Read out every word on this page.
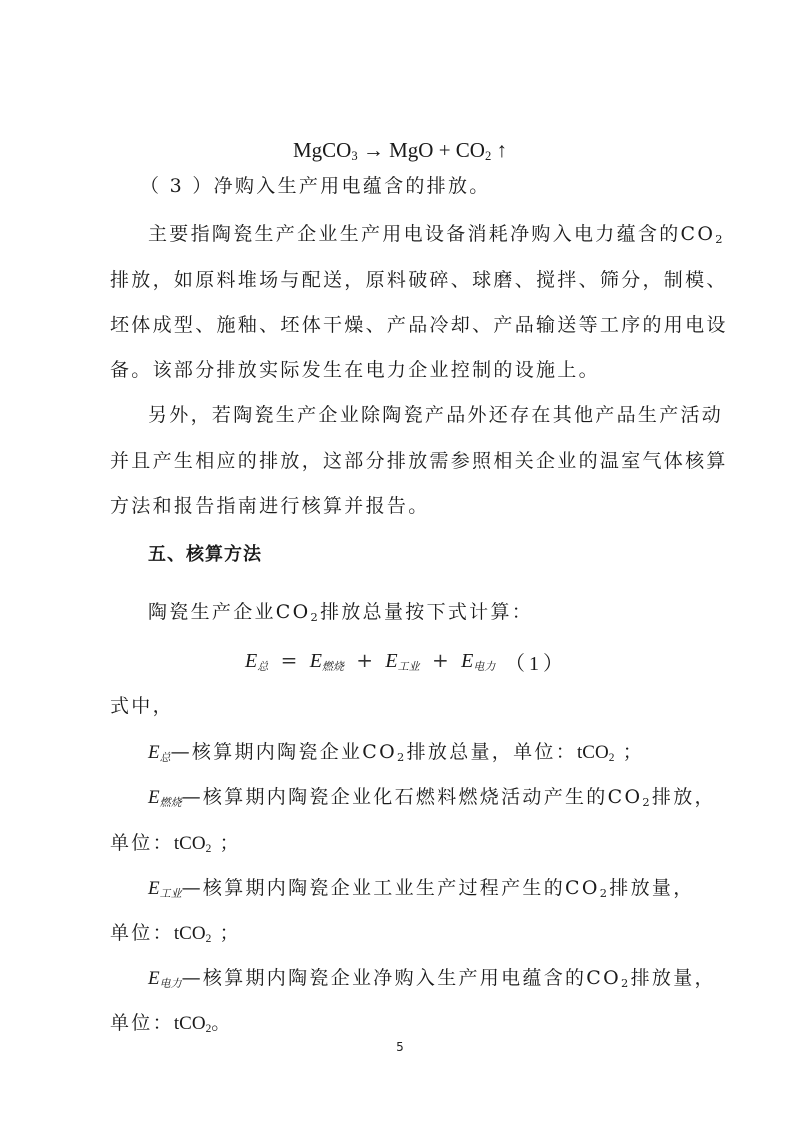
MgCO$_3$ → MgO + $CO_2$ ↑
（ 3 ）净购入生产用电蕴含的排放。
主要指陶瓷生产企业生产用电设备消耗净购入电力蕴含的$CO_2$
排放，如原料堆场与配送，原料破碎、球磨、搅拌、筛分，制模、
坯体成型、施釉、坯体干燥、产品冷却、产品输送等工序的用电设
备。该部分排放实际发生在电力企业控制的设施上。
另外，若陶瓷生产企业除陶瓷产品外还存在其他产品生产活动
并且产生相应的排放，这部分排放需参照相关企业的温室气体核算
方法和报告指南进行核算并报告。
五、核算方法
陶瓷生产企业$CO_2$排放总量按下式计算：
E总 = E燃烧 + E工业 + E电力 （1）
式中，
E总—核算期内陶瓷企业$CO_2$排放总量，单位：tCO$_2$ ；
E燃烧—核算期内陶瓷企业化石燃料燃烧活动产生的$CO_2$排放，
单位：tCO$_2$ ；
E工业—核算期内陶瓷企业工业生产过程产生的$CO_2$排放量，
单位：tCO$_2$ ；
E电力—核算期内陶瓷企业净购入生产用电蕴含的$CO_2$排放量，
单位：tCO$_2$。
5
